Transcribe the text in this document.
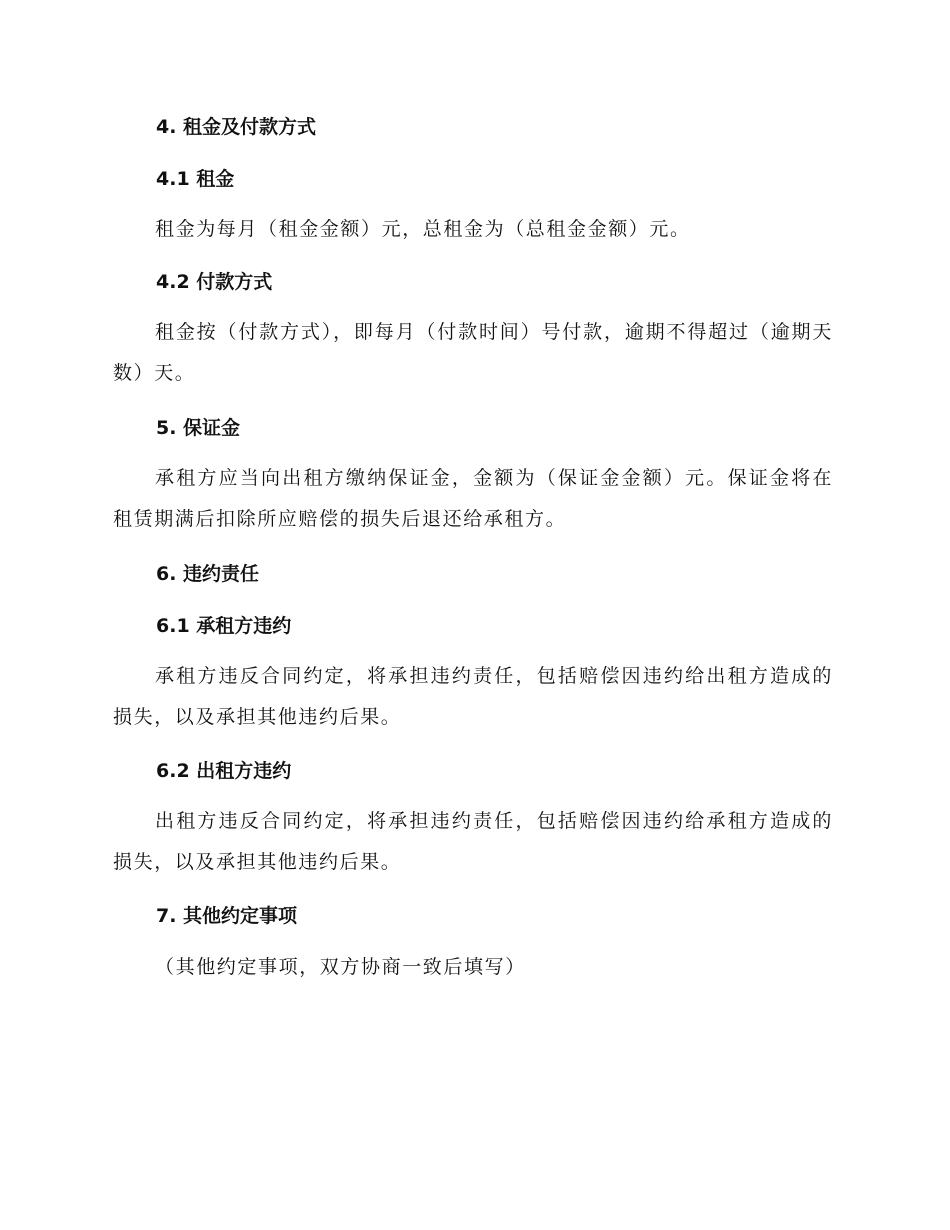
4. 租金及付款方式
4.1 租金

租金为每月（租金金额）元，总租金为（总租金金额）元。

4.2 付款方式

租金按（付款方式），即每月（付款时间）号付款，逾期不得超过（逾期天数）天。

5. 保证金

承租方应当向出租方缴纳保证金，金额为（保证金金额）元。保证金将在租赁期满后扣除所应赔偿的损失后退还给承租方。

6. 违约责任
6.1 承租方违约

承租方违反合同约定，将承担违约责任，包括赔偿因违约给出租方造成的损失，以及承担其他违约后果。

6.2 出租方违约

出租方违反合同约定，将承担违约责任，包括赔偿因违约给承租方造成的损失，以及承担其他违约后果。

7. 其他约定事项

（其他约定事项，双方协商一致后填写）
